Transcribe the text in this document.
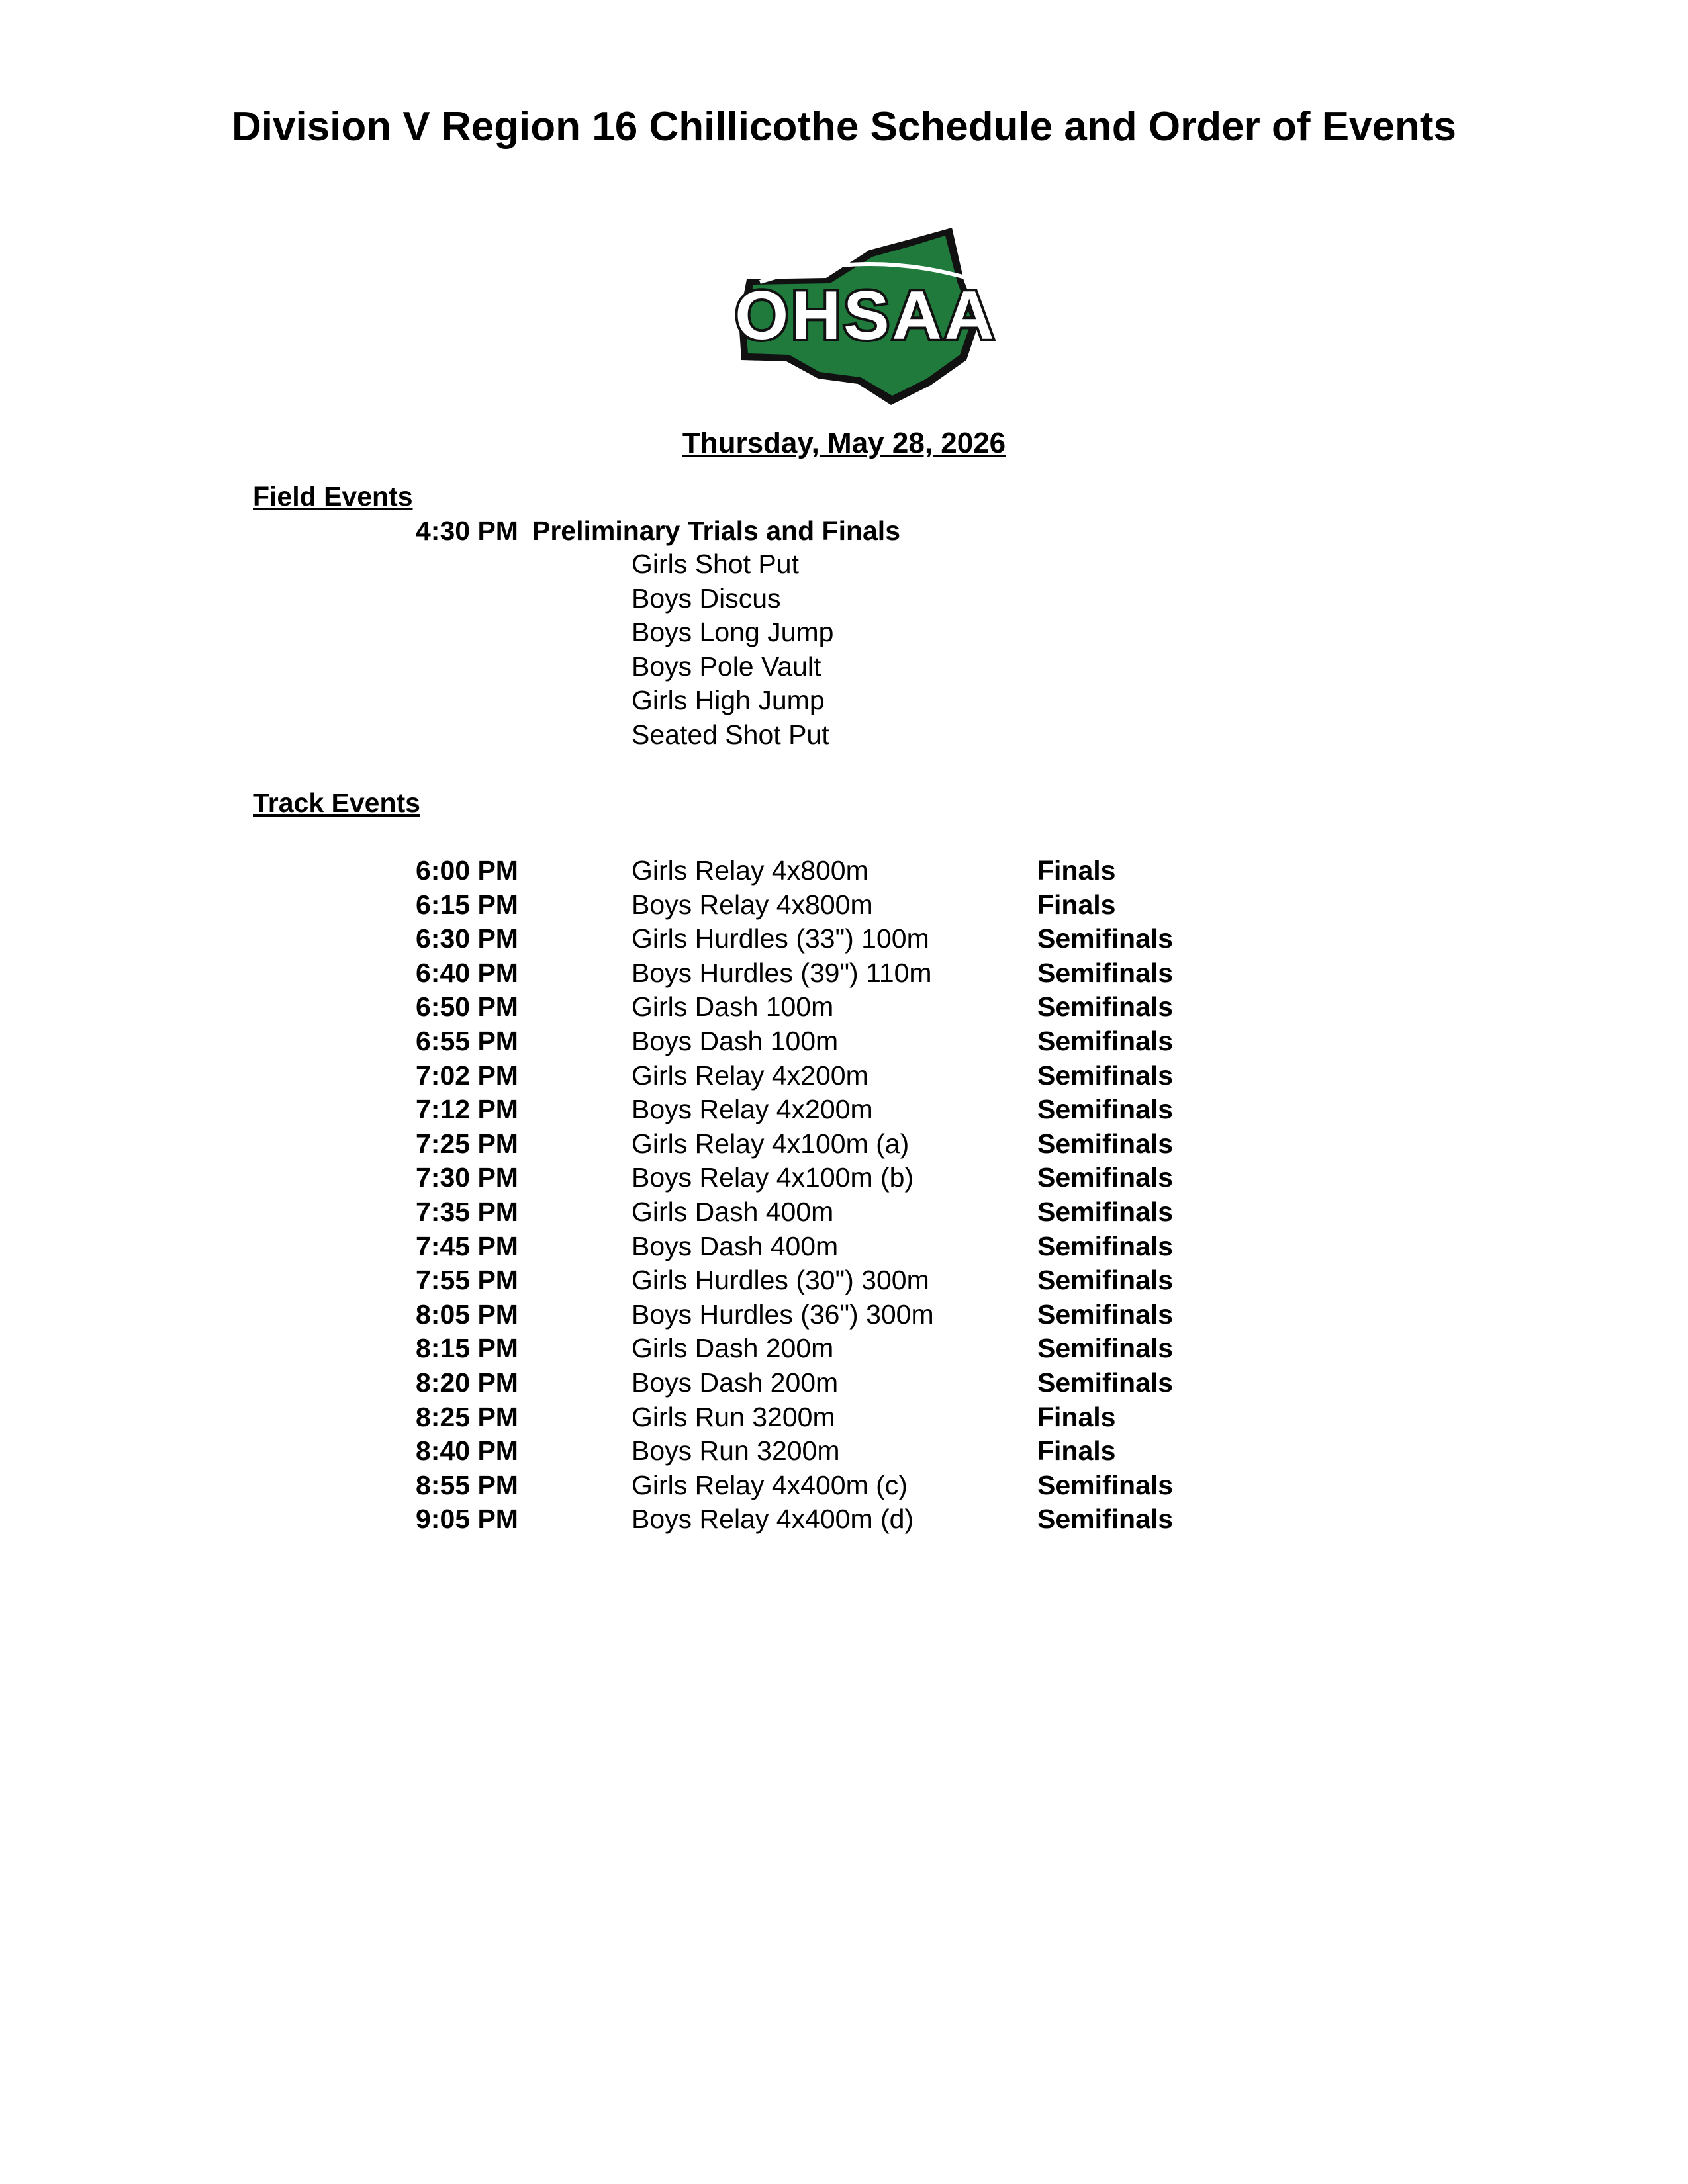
Division V Region 16 Chillicothe Schedule and Order of Events
OHSAA
Thursday, May 28, 2026
Field Events
4:30 PM Preliminary Trials and Finals
Girls Shot Put
Boys Discus
Boys Long Jump
Boys Pole Vault
Girls High Jump
Seated Shot Put
Track Events
6:00 PM	Girls Relay 4x800m	Finals
6:15 PM	Boys Relay 4x800m	Finals
6:30 PM	Girls Hurdles (33") 100m	Semifinals
6:40 PM	Boys Hurdles (39") 110m	Semifinals
6:50 PM	Girls Dash 100m	Semifinals
6:55 PM	Boys Dash 100m	Semifinals
7:02 PM	Girls Relay 4x200m	Semifinals
7:12 PM	Boys Relay 4x200m	Semifinals
7:25 PM	Girls Relay 4x100m (a)	Semifinals
7:30 PM	Boys Relay 4x100m (b)	Semifinals
7:35 PM	Girls Dash 400m	Semifinals
7:45 PM	Boys Dash 400m	Semifinals
7:55 PM	Girls Hurdles (30") 300m	Semifinals
8:05 PM	Boys Hurdles (36") 300m	Semifinals
8:15 PM	Girls Dash 200m	Semifinals
8:20 PM	Boys Dash 200m	Semifinals
8:25 PM	Girls Run 3200m	Finals
8:40 PM	Boys Run 3200m	Finals
8:55 PM	Girls Relay 4x400m (c)	Semifinals
9:05 PM	Boys Relay 4x400m (d)	Semifinals
